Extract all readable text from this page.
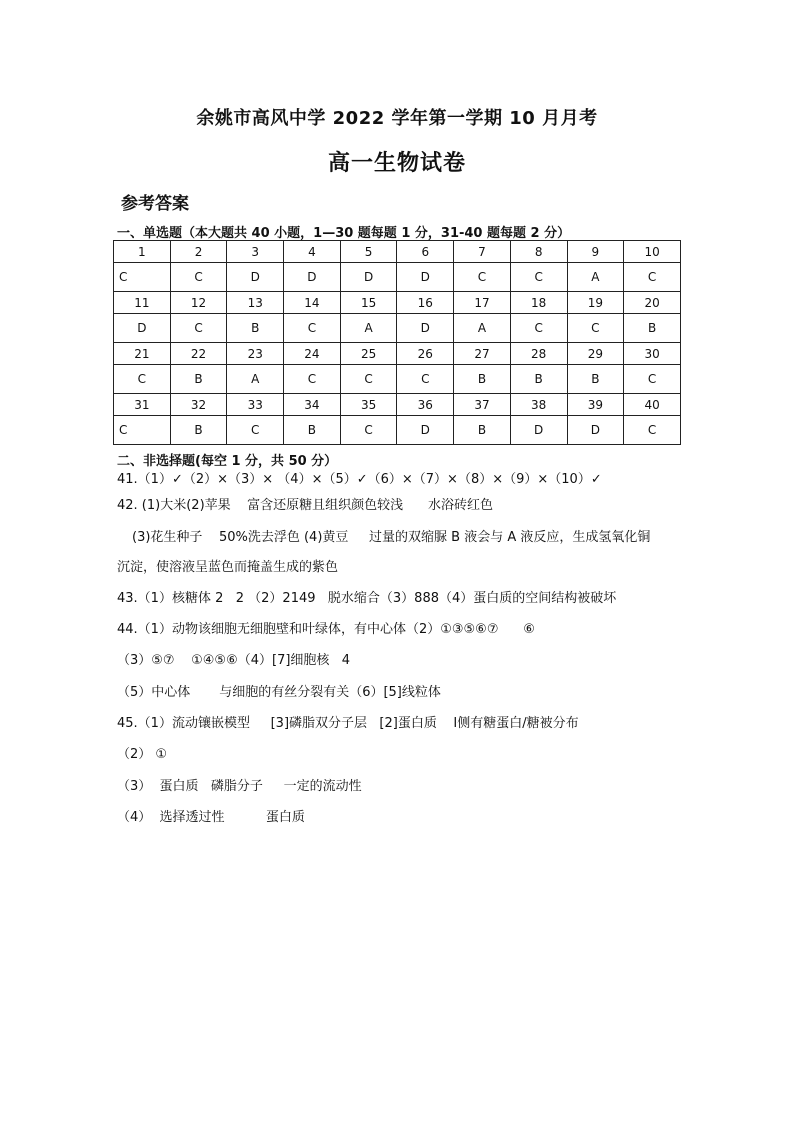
余姚市高风中学 2022 学年第一学期 10 月月考
高一生物试卷
参考答案
一、单选题（本大题共 40 小题，1—30 题每题 1 分，31-40 题每题 2 分）
1	2	3	4	5	6	7	8	9	10
C	C	D	D	D	D	C	C	A	C
11	12	13	14	15	16	17	18	19	20
D	C	B	C	A	D	A	C	C	B
21	22	23	24	25	26	27	28	29	30
C	B	A	C	C	C	B	B	B	C
31	32	33	34	35	36	37	38	39	40
C	B	C	B	C	D	B	D	D	C
二、非选择题(每空 1 分，共 50 分）
41.（1）✓（2）×（3）× （4）×（5）✓（6）×（7）×（8）×（9）×（10）✓
42. (1)大米(2)苹果    富含还原糖且组织颜色较浅      水浴砖红色
(3)花生种子    50%洗去浮色 (4)黄豆     过量的双缩脲 B 液会与 A 液反应，生成氢氧化铜
沉淀，使溶液呈蓝色而掩盖生成的紫色
43.（1）核糖体 2   2 （2）2149   脱水缩合（3）888（4）蛋白质的空间结构被破坏
44.（1）动物该细胞无细胞壁和叶绿体，有中心体（2）①③⑤⑥⑦      ⑥
（3）⑤⑦    ①④⑤⑥（4）[7]细胞核   4
（5）中心体       与细胞的有丝分裂有关（6）[5]线粒体
45.（1）流动镶嵌模型     [3]磷脂双分子层   [2]蛋白质    Ⅰ侧有糖蛋白/糖被分布
（2） ①
（3）  蛋白质   磷脂分子     一定的流动性
（4）  选择透过性          蛋白质
